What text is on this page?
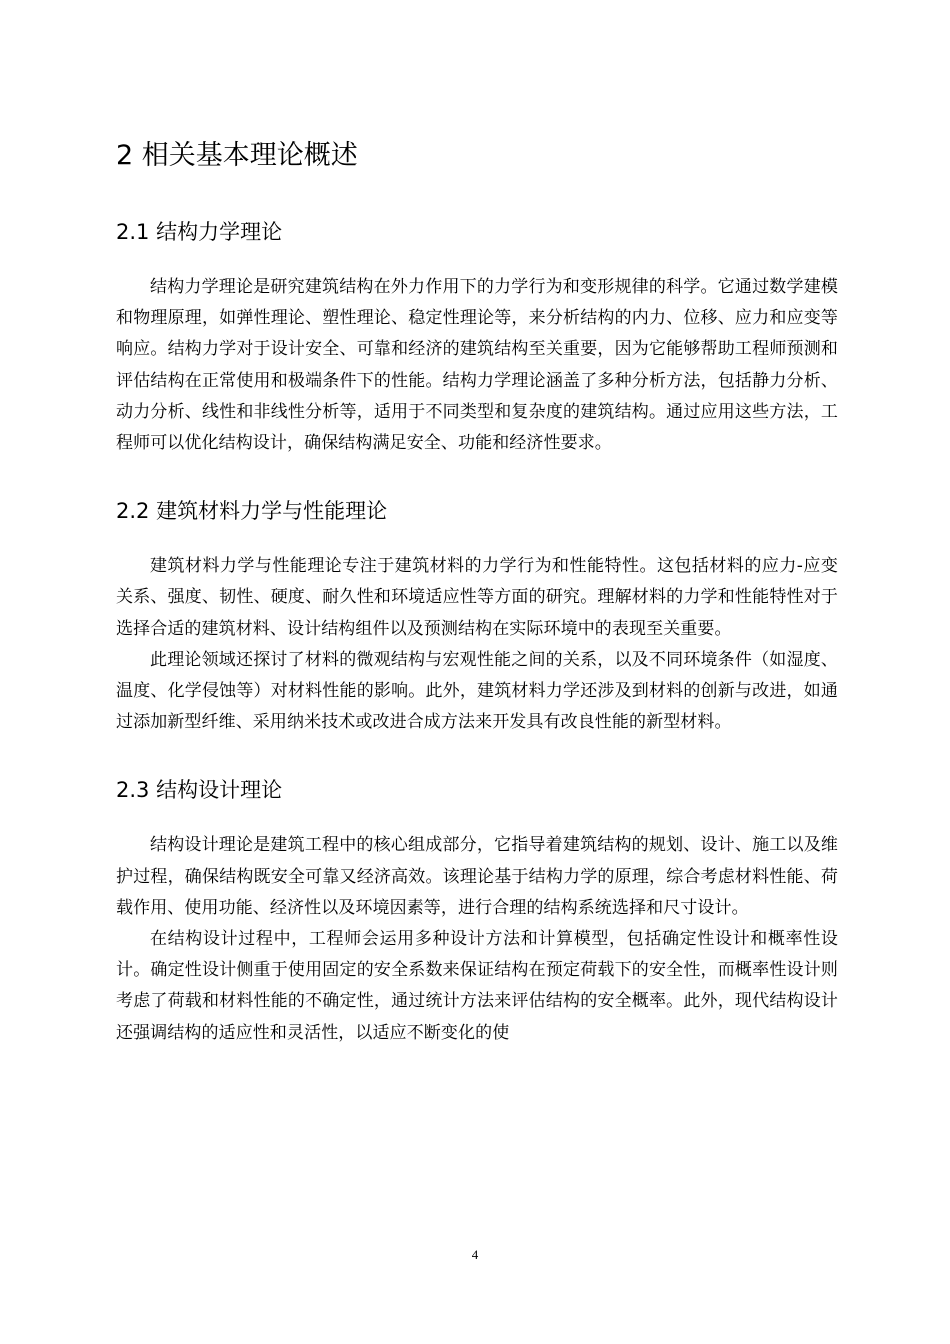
2 相关基本理论概述
2.1 结构力学理论

结构力学理论是研究建筑结构在外力作用下的力学行为和变形规律的科学。它通过数学建模和物理原理，如弹性理论、塑性理论、稳定性理论等，来分析结构的内力、位移、应力和应变等响应。结构力学对于设计安全、可靠和经济的建筑结构至关重要，因为它能够帮助工程师预测和评估结构在正常使用和极端条件下的性能。结构力学理论涵盖了多种分析方法，包括静力分析、动力分析、线性和非线性分析等，适用于不同类型和复杂度的建筑结构。通过应用这些方法，工程师可以优化结构设计，确保结构满足安全、功能和经济性要求。

2.2 建筑材料力学与性能理论

建筑材料力学与性能理论专注于建筑材料的力学行为和性能特性。这包括材料的应力-应变关系、强度、韧性、硬度、耐久性和环境适应性等方面的研究。理解材料的力学和性能特性对于选择合适的建筑材料、设计结构组件以及预测结构在实际环境中的表现至关重要。

此理论领域还探讨了材料的微观结构与宏观性能之间的关系，以及不同环境条件（如湿度、温度、化学侵蚀等）对材料性能的影响。此外，建筑材料力学还涉及到材料的创新与改进，如通过添加新型纤维、采用纳米技术或改进合成方法来开发具有改良性能的新型材料。

2.3 结构设计理论

结构设计理论是建筑工程中的核心组成部分，它指导着建筑结构的规划、设计、施工以及维护过程，确保结构既安全可靠又经济高效。该理论基于结构力学的原理，综合考虑材料性能、荷载作用、使用功能、经济性以及环境因素等，进行合理的结构系统选择和尺寸设计。

在结构设计过程中，工程师会运用多种设计方法和计算模型，包括确定性设计和概率性设计。确定性设计侧重于使用固定的安全系数来保证结构在预定荷载下的安全性，而概率性设计则考虑了荷载和材料性能的不确定性，通过统计方法来评估结构的安全概率。此外，现代结构设计还强调结构的适应性和灵活性，以适应不断变化的使

4
